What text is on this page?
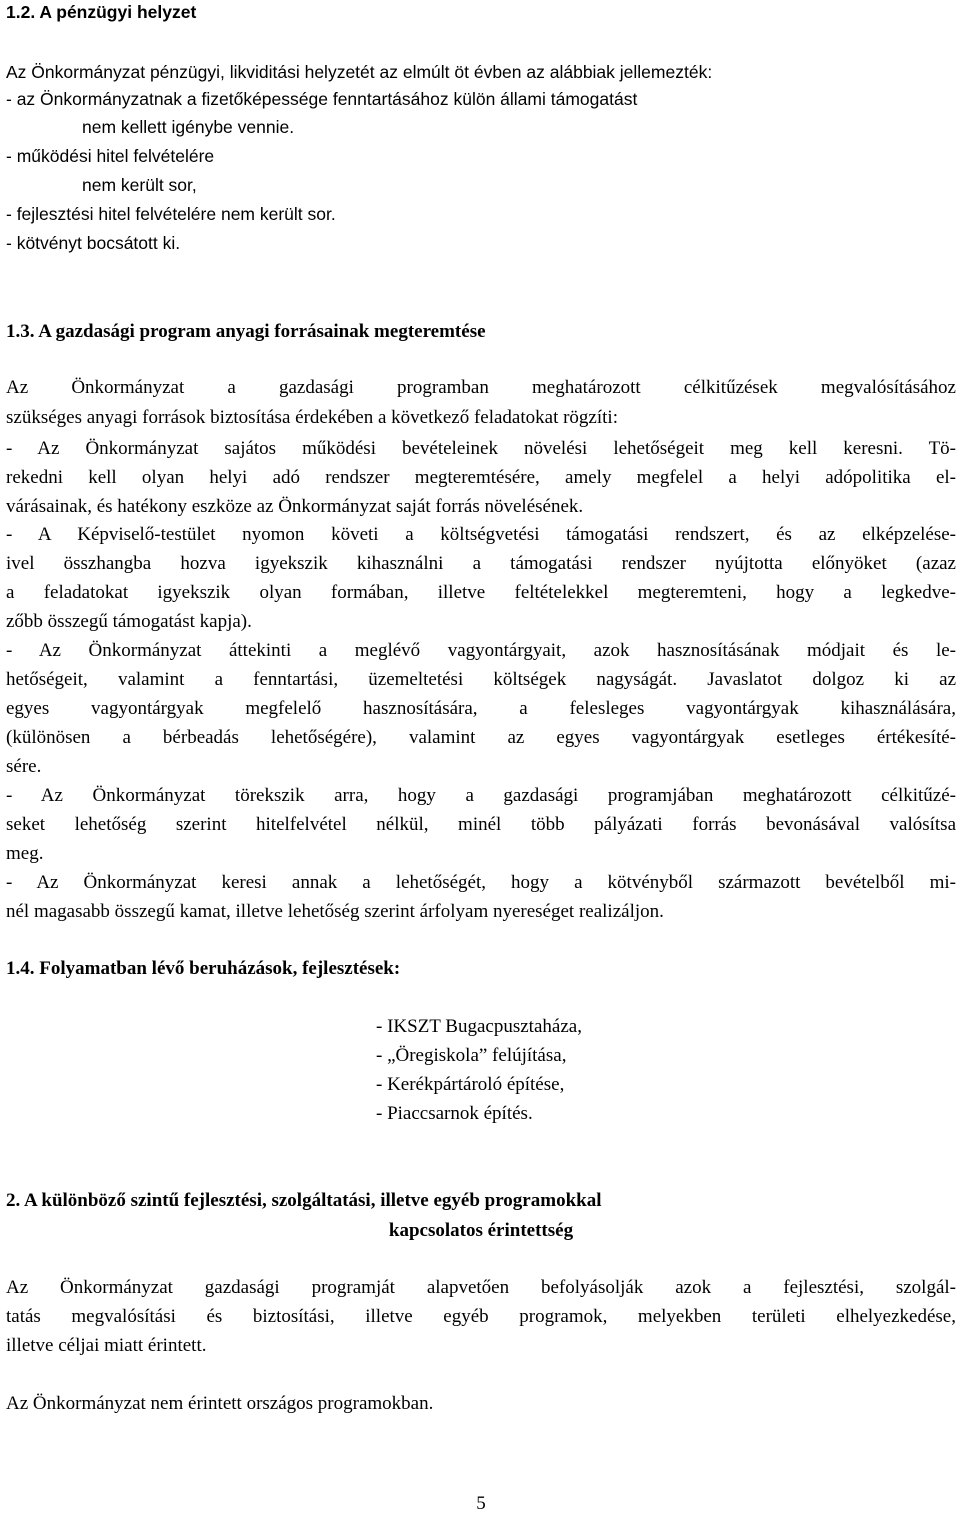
1.2. A pénzügyi helyzet
Az Önkormányzat pénzügyi, likviditási helyzetét az elmúlt öt évben az alábbiak jellemezték:
- az Önkormányzatnak a fizetőképessége fenntartásához külön állami támogatást
nem kellett igénybe vennie.
- működési hitel felvételére
nem került sor,
- fejlesztési hitel felvételére nem került sor.
- kötvényt bocsátott ki.
1.3. A gazdasági program anyagi forrásainak megteremtése
Az Önkormányzat a gazdasági programban meghatározott célkitűzések megvalósításához
szükséges anyagi források biztosítása érdekében a következő feladatokat rögzíti:
- Az Önkormányzat sajátos működési bevételeinek növelési lehetőségeit meg kell keresni. Tö-
rekedni kell olyan helyi adó rendszer megteremtésére, amely megfelel a helyi adópolitika el-
várásainak, és hatékony eszköze az Önkormányzat saját forrás növelésének.
- A Képviselő-testület nyomon követi a költségvetési támogatási rendszert, és az elképzelése-
ivel összhangba hozva igyekszik kihasználni a támogatási rendszer nyújtotta előnyöket (azaz
a feladatokat igyekszik olyan formában, illetve feltételekkel megteremteni, hogy a legkedve-
zőbb összegű támogatást kapja).
- Az Önkormányzat áttekinti a meglévő vagyontárgyait, azok hasznosításának módjait és le-
hetőségeit, valamint a fenntartási, üzemeltetési költségek nagyságát. Javaslatot dolgoz ki az
egyes vagyontárgyak megfelelő hasznosítására, a felesleges vagyontárgyak kihasználására,
(különösen a bérbeadás lehetőségére), valamint az egyes vagyontárgyak esetleges értékesíté-
sére.
- Az Önkormányzat törekszik arra, hogy a gazdasági programjában meghatározott célkitűzé-
seket lehetőség szerint hitelfelvétel nélkül, minél több pályázati forrás bevonásával valósítsa
meg.
- Az Önkormányzat keresi annak a lehetőségét, hogy a kötvényből származott bevételből mi-
nél magasabb összegű kamat, illetve lehetőség szerint árfolyam nyereséget realizáljon.
1.4. Folyamatban lévő beruházások, fejlesztések:
- IKSZT Bugacpusztaháza,
- „Öregiskola” felújítása,
- Kerékpártároló építése,
- Piaccsarnok építés.
2. A különböző szintű fejlesztési, szolgáltatási, illetve egyéb programokkal
kapcsolatos érintettség
Az Önkormányzat gazdasági programját alapvetően befolyásolják azok a fejlesztési, szolgál-
tatás megvalósítási és biztosítási, illetve egyéb programok, melyekben területi elhelyezkedése,
illetve céljai miatt érintett.
Az Önkormányzat nem érintett országos programokban.
5
